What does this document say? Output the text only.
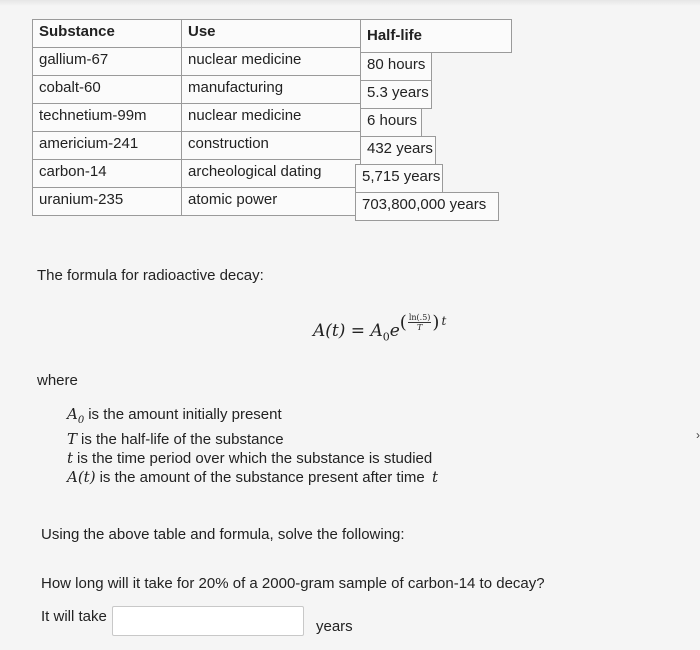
Substance
gallium-67
cobalt-60
technetium-99m
americium-241
carbon-14
uranium-235
Use
nuclear medicine
manufacturing
nuclear medicine
construction
archeological dating
atomic power
Half-life
80 hours
5.3 years
6 hours
432 years
5,715 years
703,800,000 years
The formula for radioactive decay:
$A(t) = A_0e( \frac{\ln(.5)}{T}$ ) t
where
$A_0$ is the amount initially present
T is the half-life of the substance
t is the time period over which the substance is studied
A(t) is the amount of the substance present after time t
Using the above table and formula, solve the following:
How long will it take for 20% of a 2000-gram sample of carbon-14 to decay?
It will take
years
›
